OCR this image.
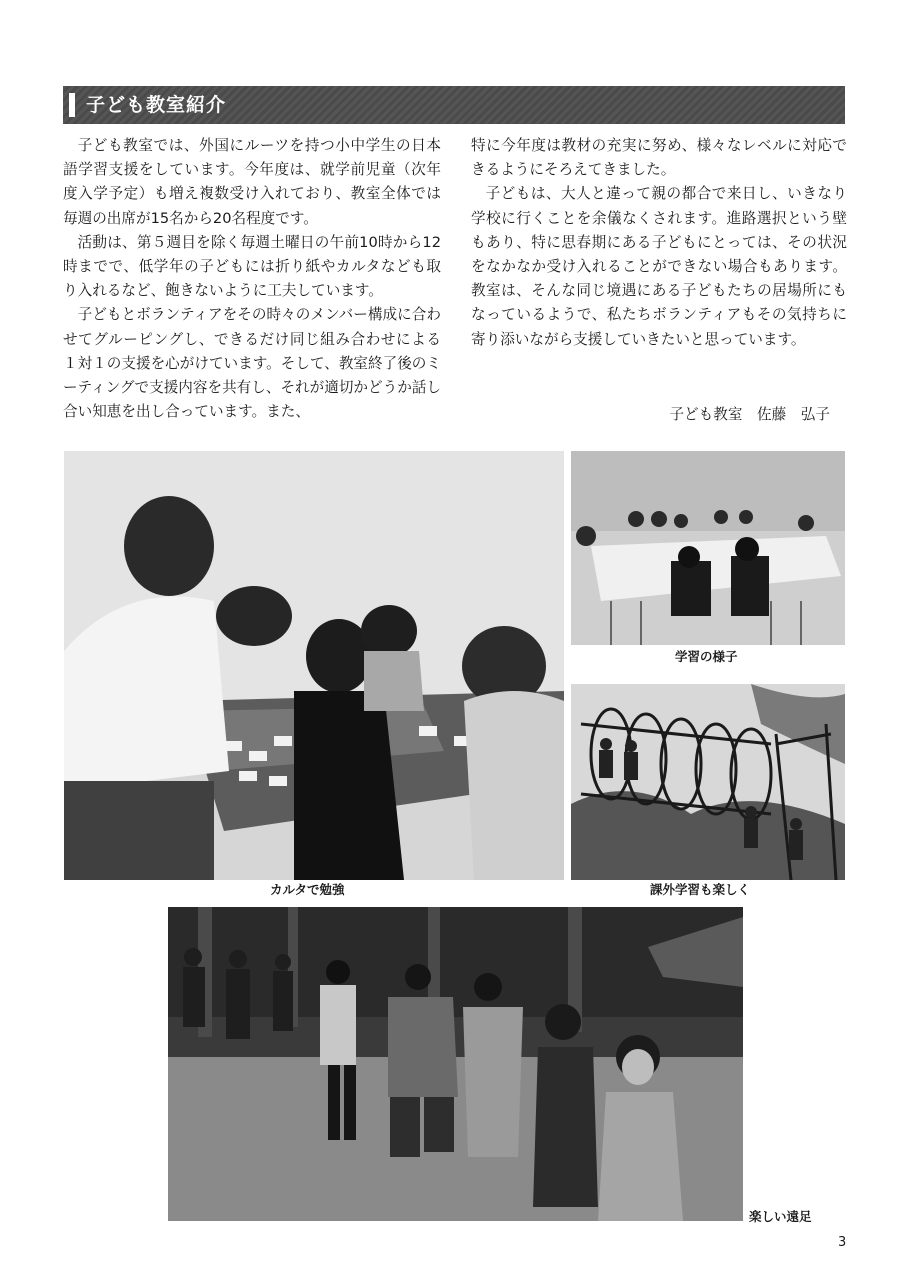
子ども教室紹介

子ども教室では、外国にルーツを持つ小中学生の日本語学習支援をしています。今年度は、就学前児童（次年度入学予定）も増え複数受け入れており、教室全体では毎週の出席が15名から20名程度です。

活動は、第５週目を除く毎週土曜日の午前10時から12時までで、低学年の子どもには折り紙やカルタなども取り入れるなど、飽きないように工夫しています。

子どもとボランティアをその時々のメンバー構成に合わせてグルーピングし、できるだけ同じ組み合わせによる１対１の支援を心がけています。そして、教室終了後のミーティングで支援内容を共有し、それが適切かどうか話し合い知恵を出し合っています。また、

特に今年度は教材の充実に努め、様々なレベルに対応できるようにそろえてきました。

子どもは、大人と違って親の都合で来日し、いきなり学校に行くことを余儀なくされます。進路選択という壁もあり、特に思春期にある子どもにとっては、その状況をなかなか受け入れることができない場合もあります。教室は、そんな同じ境遇にある子どもたちの居場所にもなっているようで、私たちボランティアもその気持ちに寄り添いながら支援していきたいと思っています。

子ども教室　佐藤　弘子
カルタで勉強
学習の様子
課外学習も楽しく
楽しい遠足
3
